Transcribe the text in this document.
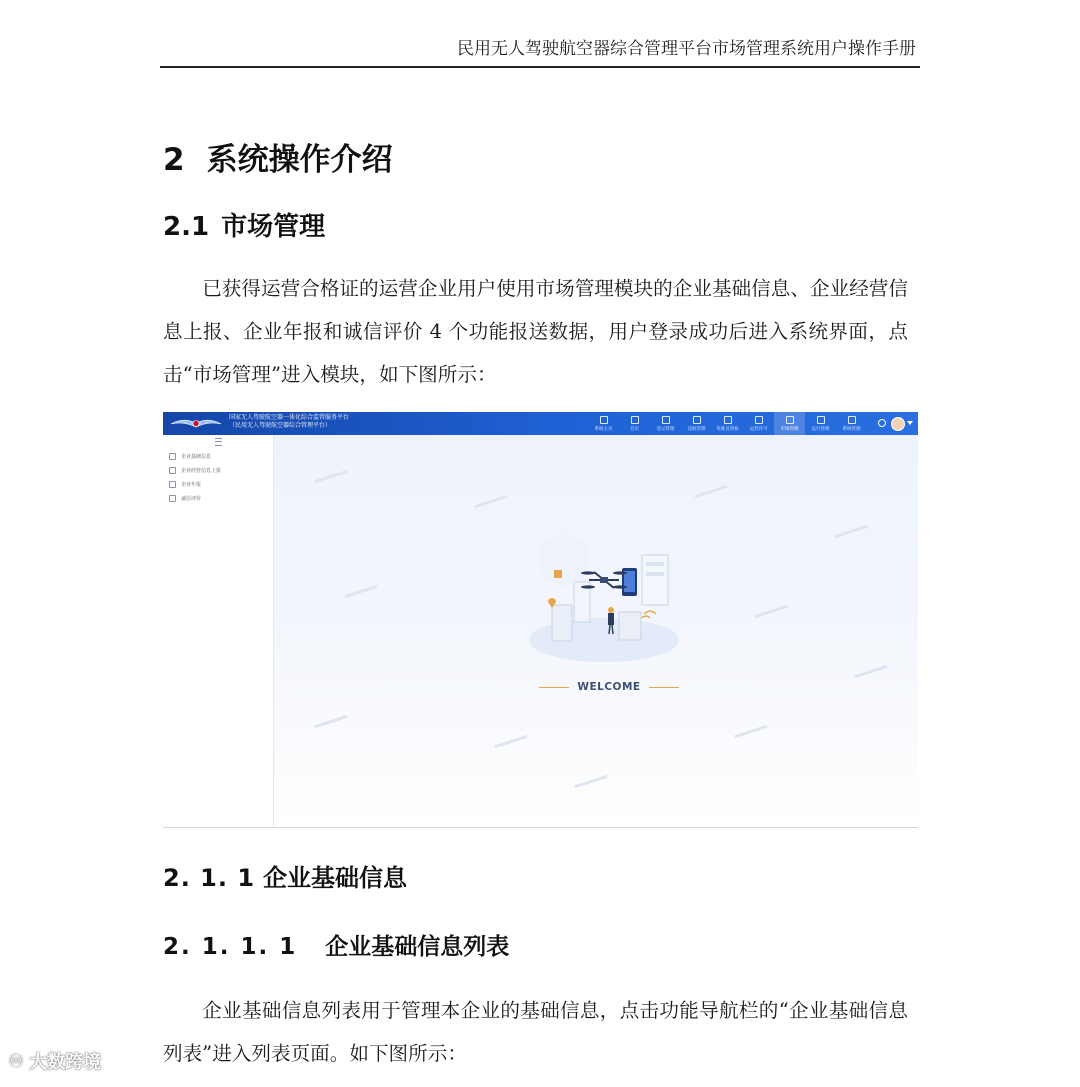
民用无人驾驶航空器综合管理平台市场管理系统用户操作手册
2 系统操作介绍
2.1 市场管理

已获得运营合格证的运营企业用户使用市场管理模块的企业基础信息、企业经营信息上报、企业年报和诚信评价 4 个功能报送数据，用户登录成功后进入系统界面，点击“市场管理”进入模块，如下图所示：

国家无人驾驶航空器一体化综合监管服务平台
（民用无人驾驶航空器综合管理平台）	系统主页	首页	登记管理	适航管理 驾驶员资格 运营许可	市场管理	运行管理	系统管理
企业基础信息
企业经营信息上报
企业年报
诚信评价
WELCOME
2. 1. 1 企业基础信息
2. 1. 1. 1 企业基础信息列表

企业基础信息列表用于管理本企业的基础信息，点击功能导航栏的“企业基础信息列表”进入列表页面。如下图所示：

♾ 大数跨境
